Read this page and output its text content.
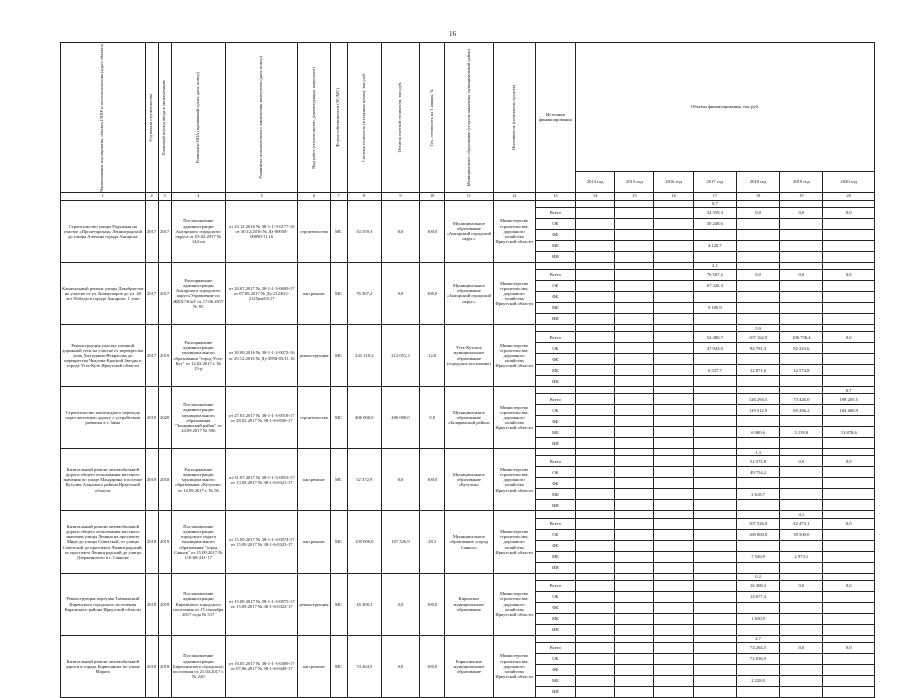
16
Наименование мероприятия, объекта ГНПР и местоположения (адрес объекта)	Год начала строительства	Плановый период ввода в эксплуатацию	Реквизиты НПА (принявший орган, дата, номер)	Реквизиты положительного заключения экспертизы (дата, номер)	Вид работ (строительство, реконструкция, капремонт)	Форма собственности (ЭС/МС)	Сметная стоимость (в текущих ценах), тыс.руб.	Остаток сметной стоимости, тыс.руб.	Тех. готовность на 1 января, %	Муниципальное образование (сторона заказчика, муниципальный район)	Исполнитель (получатель средств)	Источник финансирования	Объемы финансирования, тыс.руб.						
													2014 год	2015 год	2016 год	2017 год	2018 год	2019 год	2020 год
1	2	3	4	5	6	7	8	9	10	11	12	13	14	15	16	17	18	19	20
Строительство улицы Радужная на участке «Пролетарская» Ленинградской до улицы Алехина города Ангарска	2017	2017	Постановление администрации Ангарского городского округа от 03.02.2017 № 144-па	от 23.12.2016 № 38-1-1-3-0177-16 от 30.12.2016 № Дз-00050-00090/11.16	строительство	МС	34 559,3	0,0	100,0	Муниципальное образование «Ангарский городской округ»	Министерство строительства, дорожного хозяйства Иркутской области					0,7			
												Всего				34 559,3	0,0	0,0	0,0
												ОБ				30 248,6			
												ФБ							
												МБ				4 120,7			
												ИИ							
Капитальный ремонт улицы Декабристов на участке от ул. Коммунаров до ул. 40 лет Победы в городе Ангарске, 1 этап	2017	2017	Распоряжение администрации Ангарского городского округа Управление по ЖКХ/ЭСиТ от 17.06.2017 № 85	от 20.07.2017 № 38-1-1-3-0609-17 от 07.09.2017 № Дз-21230/1-2125ии/03.17	кап.ремонт	МС	76 507,2	0,0	100,0	Муниципальное образование «Ангарский городской округ»	Министерство строительства, дорожного хозяйства Иркутской области					2,1			
												Всего				76 507,2	0,0	0,0	0,0
												ОБ				67 326,3			
												ФБ							
												МБ				9 180,9			
												ИИ							
Реконструкция участка уличной дорожной сети на участке от перекрестка улиц Халтурина-Некрасова до перекрестка Чкалова-Красной Звезды в городе Усть-Куте Иркутской области	2017	2019	Распоряжение администрации муниципального образования "город Усть-Кут" от 12.02.2017 г. № 15-р	от 30.09.2016 № 38-1-1-2-0073-16 от 29.12.2016 № Дз-3958-05/11.16	реконструкция	МС	243 118,2	212 051,3	12,8	Усть-Кутское муниципальное образование (городское поселение)	Министерство строительства, дорожного хозяйства Иркутской области						5,9		
												Всего				54 480,7	107 162,9	106 758,4	0,0
												ОБ				47 943,0	94 791,3	92 223,6	
												ФБ							
												МБ				6 537,7	12 871,6	12 574,8	
												ИИ							
Строительство пешеходного перехода через железную дорогу с устройством развязки в г. Зима	2018	2020	Постановление администрации муниципального образования "Заларинский район" от 24.09.2017 № 506	от 27.02.2017 № 38-1-1-3-0018-17 от 28.02.2017 № 38-1-6-0036-17	строительство	МС	406 000,0	406 000,0	0,0	Муниципальное образование «Заларинский район»	Министерство строительства, дорожного хозяйства Иркутской области								8,7
												Всего					126 294,5	73 426,0	198 205,5
												ОБ					119 512,9	69 286,2	184 600,9
												ФБ							
												МБ					6 980,6	5 139,8	13 878,6
												ИИ							
Капитальный ремонт автомобильной дороги общего пользования местного значения по улице Мандарина в поселке Кутулик Аларского района Иркутской области	2018	2018	Распоряжение администрации муниципального образования «Кутулик» от 14.09.2017 г. № 56	от 31.07.2017 № 38-1-1-3-0853-17 от 13.09.2017 № 38-1-6-0321-17	кап.ремонт	МС	52 372,9	0,0	100,0	Муниципальное образование «Кутулик»	Министерство строительства, дорожного хозяйства Иркутской области						1,3		
												Всего					52 372,9	0,0	0,0
												ОБ					49 754,2		
												ФБ							
												МБ					2 618,7		
												ИИ							
Капитальный ремонт автомобильной дороги общего пользования местного значения улицы Ленина на проспекте Мира до улицы Советской, от улицы Советской до проспекта Ленинградский, от проспекта Ленинградский до улицы Дзержинского в г. Саянске	2018	2019	Постановление администрации городского округа муниципального образования "город Саянск" от 15.09.2017 № 110-68-241-17	от 15.09.2017 № 38-1-1-3-0874-17 от 15.09.2017 № 38-1-6-0323-17	кап.ремонт	МС	150 000,0	107 526,9	28,3	Муниципальное образование «город Саянск»	Министерство строительства, дорожного хозяйства Иркутской области							4,1	
												Всего					107 526,9	42 473,1	0,0
												ОБ					100 000,0	39 500,0	
												ФБ							
												МБ					7 526,9	2 973,1	
												ИИ							
Реконструкция переулка Таёжинский Киренского городского поселения Киренского района Иркутской области	2018	2018	Постановление администрации Киренского городского поселения от 15 сентября 2017 года № 517	от 15.09.2017 № 38-1-1-3-0875-17 от 15.09.2017 № 38-1-6-0322-17	реконструкция	МС	16 308,3	0,0	100,0	Киренское муниципальное образование	Министерство строительства, дорожного хозяйства Иркутской области						0,2		
												Всего					16 308,3	0,0	0,0
												ОБ					14 677,4		
												ФБ							
												МБ					1 630,9		
												ИИ							
Капитальный ремонт автомобильной дороги в городе Бирюсинске по улице Марата	2018	2018	Постановление администрации Бирюсинского городского поселения от 21.04.2017 г. № 220	от 10.05.2017 № 38-1-1-3-0409-17 от 07.06.2017 № 38-1-6-0448-17	кап.ремонт	МС	74 264,5	0,0	100,0	Бирюсинское муниципальное образование	Министерство строительства, дорожного хозяйства Иркутской области						2,7		
												Всего					74 264,5	0,0	0,0
												ОБ					72 036,5		
												ФБ							
												МБ					2 228,0		
												ИИ							
